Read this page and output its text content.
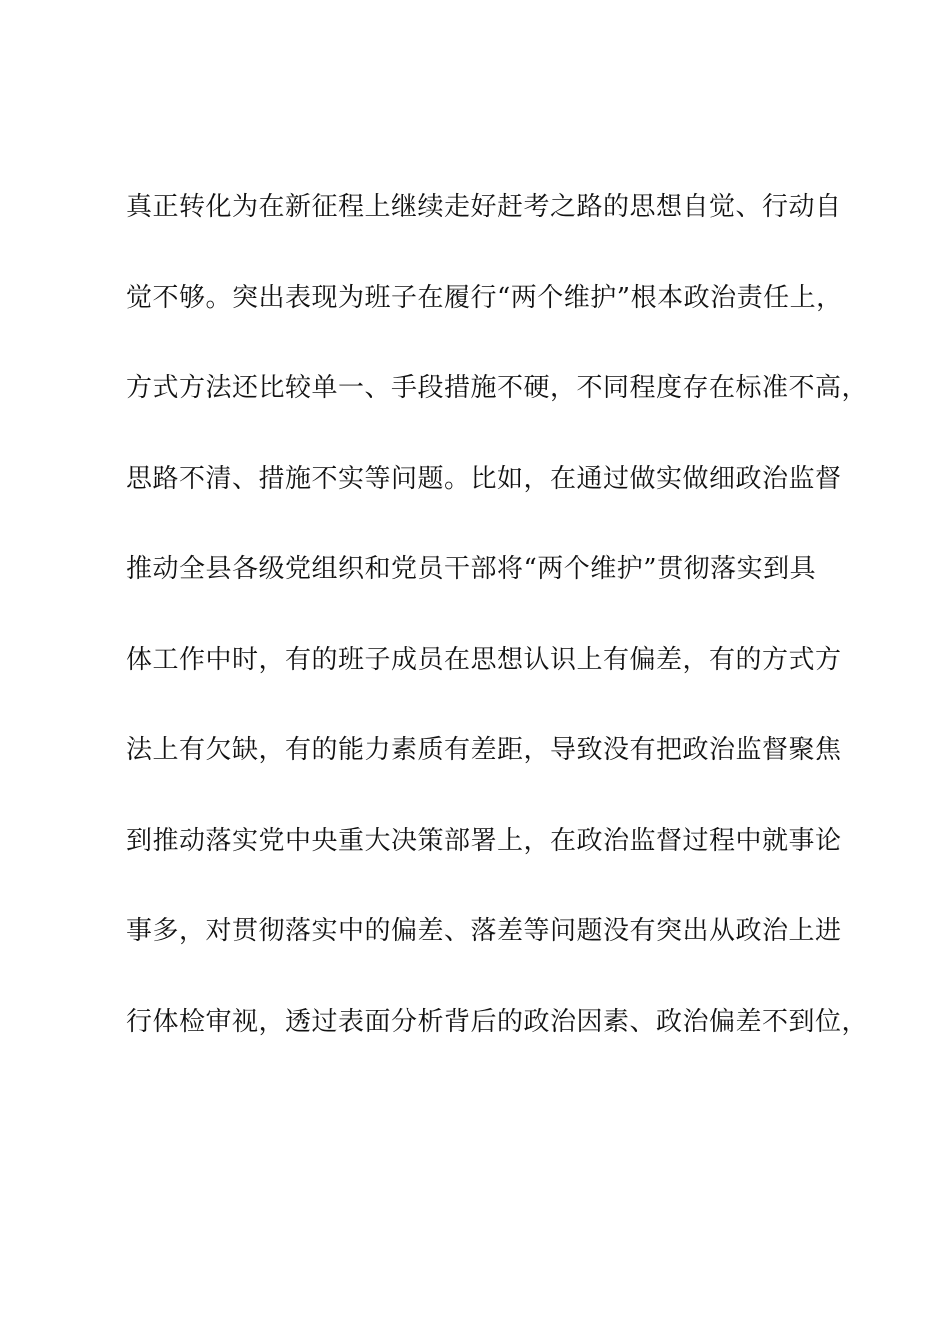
真正转化为在新征程上继续走好赶考之路的思想自觉、行动自
觉不够。突出表现为班子在履行“两个维护”根本政治责任上，
方式方法还比较单一、手段措施不硬，不同程度存在标准不高，
思路不清、措施不实等问题。比如，在通过做实做细政治监督
推动全县各级党组织和党员干部将“两个维护”贯彻落实到具
体工作中时，有的班子成员在思想认识上有偏差，有的方式方
法上有欠缺，有的能力素质有差距，导致没有把政治监督聚焦
到推动落实党中央重大决策部署上，在政治监督过程中就事论
事多，对贯彻落实中的偏差、落差等问题没有突出从政治上进
行体检审视，透过表面分析背后的政治因素、政治偏差不到位，
